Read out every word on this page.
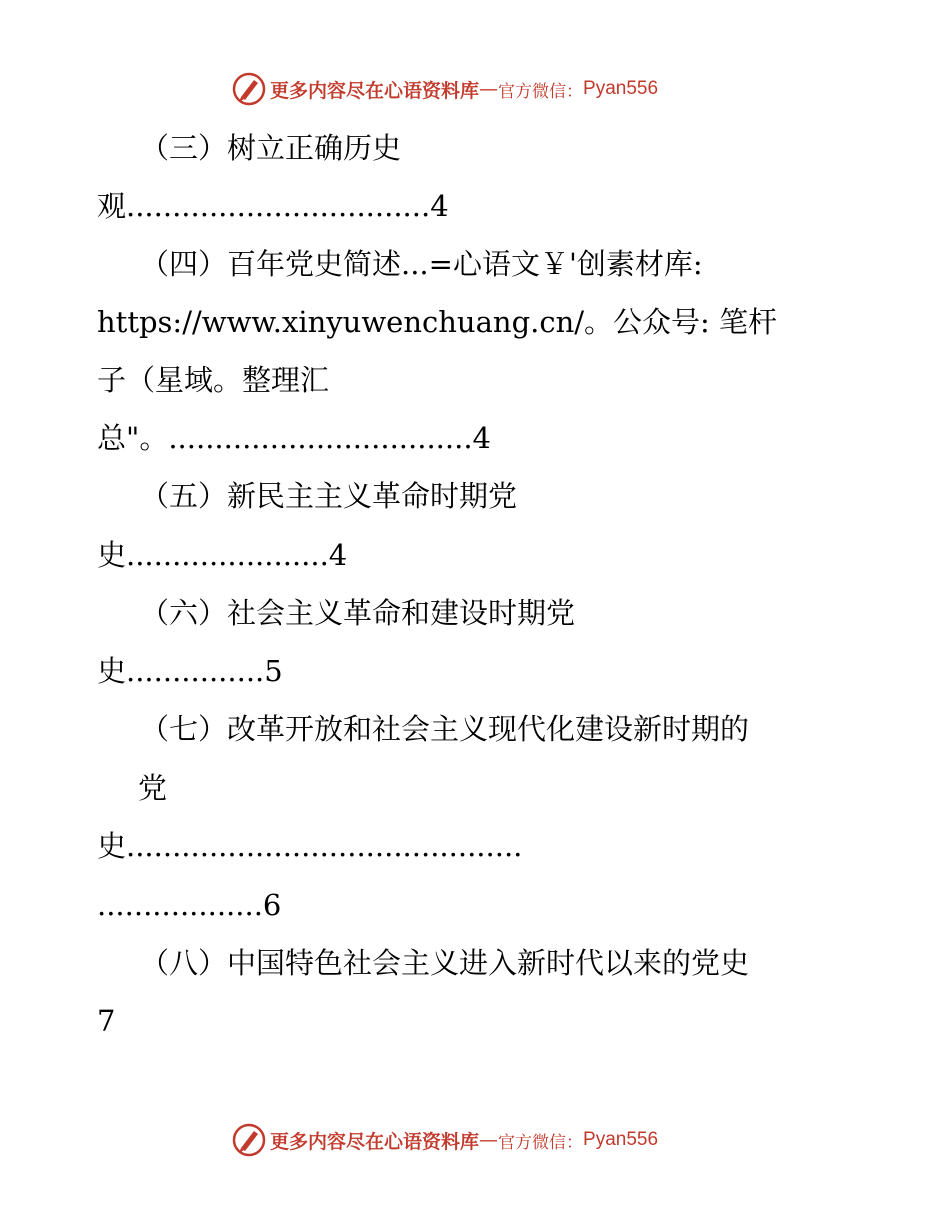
更多内容尽在心语资料库 — 官方微信： Pyan556
（三）树立正确历史
观.................................4
（四）百年党史简述...=心语文￥'创素材库:
https://www.xinyuwenchuang.cn/。公众号: 笔杆
子（星域。整理汇
总"。.................................4
（五）新民主主义革命时期党
史......................4
（六）社会主义革命和建设时期党
史...............5
（七）改革开放和社会主义现代化建设新时期的
党
史...........................................
..................6
（八）中国特色社会主义进入新时代以来的党史
7
更多内容尽在心语资料库 — 官方微信： Pyan556
